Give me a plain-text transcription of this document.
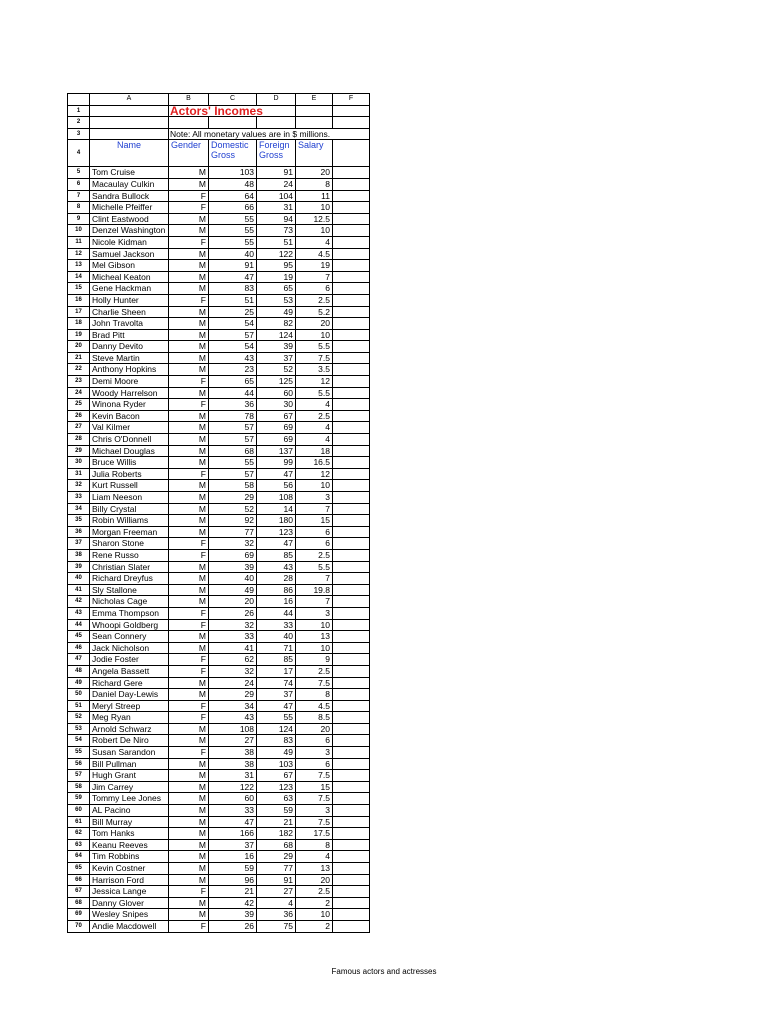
	A	B	C	D	E	F
1		Actors' Incomes				
2						
3		Note: All monetary values are in $ millions.				
4	Name	Gender	Domestic Gross	Foreign Gross	Salary	
5	Tom Cruise	M	103	91	20	
6	Macaulay Culkin	M	48	24	8	
7	Sandra Bullock	F	64	104	11	
8	Michelle Pfeiffer	F	66	31	10	
9	Clint Eastwood	M	55	94	12.5	
10	Denzel Washington	M	55	73	10	
11	Nicole Kidman	F	55	51	4	
12	Samuel Jackson	M	40	122	4.5	
13	Mel Gibson	M	91	95	19	
14	Micheal Keaton	M	47	19	7	
15	Gene Hackman	M	83	65	6	
16	Holly Hunter	F	51	53	2.5	
17	Charlie Sheen	M	25	49	5.2	
18	John Travolta	M	54	82	20	
19	Brad Pitt	M	57	124	10	
20	Danny Devito	M	54	39	5.5	
21	Steve Martin	M	43	37	7.5	
22	Anthony Hopkins	M	23	52	3.5	
23	Demi Moore	F	65	125	12	
24	Woody Harrelson	M	44	60	5.5	
25	Winona Ryder	F	36	30	4	
26	Kevin Bacon	M	78	67	2.5	
27	Val Kilmer	M	57	69	4	
28	Chris O'Donnell	M	57	69	4	
29	Michael Douglas	M	68	137	18	
30	Bruce Willis	M	55	99	16.5	
31	Julia Roberts	F	57	47	12	
32	Kurt Russell	M	58	56	10	
33	Liam Neeson	M	29	108	3	
34	Billy Crystal	M	52	14	7	
35	Robin Williams	M	92	180	15	
36	Morgan Freeman	M	77	123	6	
37	Sharon Stone	F	32	47	6	
38	Rene Russo	F	69	85	2.5	
39	Christian Slater	M	39	43	5.5	
40	Richard Dreyfus	M	40	28	7	
41	Sly Stallone	M	49	86	19.8	
42	Nicholas Cage	M	20	16	7	
43	Emma Thompson	F	26	44	3	
44	Whoopi Goldberg	F	32	33	10	
45	Sean Connery	M	33	40	13	
46	Jack Nicholson	M	41	71	10	
47	Jodie Foster	F	62	85	9	
48	Angela Bassett	F	32	17	2.5	
49	Richard Gere	M	24	74	7.5	
50	Daniel Day-Lewis	M	29	37	8	
51	Meryl Streep	F	34	47	4.5	
52	Meg Ryan	F	43	55	8.5	
53	Arnold Schwarz	M	108	124	20	
54	Robert De Niro	M	27	83	6	
55	Susan Sarandon	F	38	49	3	
56	Bill Pullman	M	38	103	6	
57	Hugh Grant	M	31	67	7.5	
58	Jim Carrey	M	122	123	15	
59	Tommy Lee Jones	M	60	63	7.5	
60	AL Pacino	M	33	59	3	
61	Bill Murray	M	47	21	7.5	
62	Tom Hanks	M	166	182	17.5	
63	Keanu Reeves	M	37	68	8	
64	Tim Robbins	M	16	29	4	
65	Kevin Costner	M	59	77	13	
66	Harrison Ford	M	96	91	20	
67	Jessica Lange	F	21	27	2.5	
68	Danny Glover	M	42	4	2	
69	Wesley Snipes	M	39	36	10	
70	Andie Macdowell	F	26	75	2	
Famous actors and actresses
